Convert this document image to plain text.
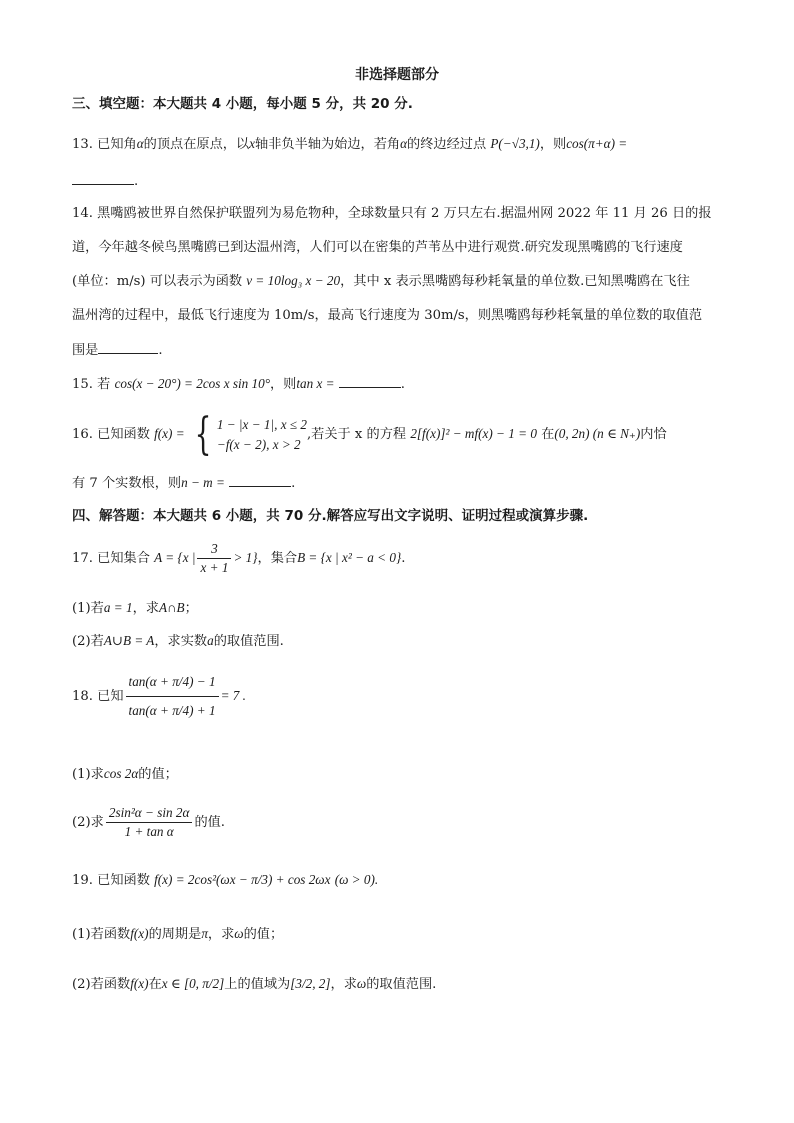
非选择题部分
三、填空题：本大题共 4 小题，每小题 5 分，共 20 分.
13. 已知角α的顶点在原点，以x轴非负半轴为始边，若角α的终边经过点 P(−√3,1)，则cos(π+α) =
.
14. 黑嘴鸥被世界自然保护联盟列为易危物种，全球数量只有 2 万只左右.据温州网 2022 年 11 月 26 日的报
道，今年越冬候鸟黑嘴鸥已到达温州湾，人们可以在密集的芦苇丛中进行观赏.研究发现黑嘴鸥的飞行速度
(单位：m/s) 可以表示为函数 v = 10log₃ x − 20，其中 x 表示黑嘴鸥每秒耗氧量的单位数.已知黑嘴鸥在飞往
温州湾的过程中，最低飞行速度为 10m/s，最高飞行速度为 30m/s，则黑嘴鸥每秒耗氧量的单位数的取值范
围是	.
15. 若 cos(x − 20°) = 2cos x sin 10°，则tan x =	.
16. 已知函数 f(x) = { 1 − |x − 1|, x ≤ 2
−f(x − 2), x > 2
,若关于 x 的方程 2[f(x)]² − mf(x) − 1 = 0 在(0, 2n) (n ∈ N₊)内恰
有 7 个实数根，则n − m =	.
四、解答题：本大题共 6 小题，共 70 分.解答应写出文字说明、证明过程或演算步骤.
17. 已知集合 A = {x | $\frac{3}{x + 1} > 1$}，集合B = {x | x² − a < 0}.
(1)若a = 1，求A∩B；
(2)若A∪B = A，求实数a的取值范围.
18. 已知 $\frac{\tan(\alpha + \pi/4) - 1}{\tan(\alpha + \pi/4) + 1} = 7$ .
(1)求cos 2α的值；
(2)求 $\frac{\text{2sin²α − sin 2α}}{\text{1 + tan α}}$ 的值.
19. 已知函数 f(x) = 2cos²(ωx − π/3) + cos 2ωx (ω > 0).
(1)若函数f(x)的周期是π，求ω的值；
(2)若函数f(x)在x ∈ [0, π/2]上的值域为[3/2, 2]，求ω的取值范围.
